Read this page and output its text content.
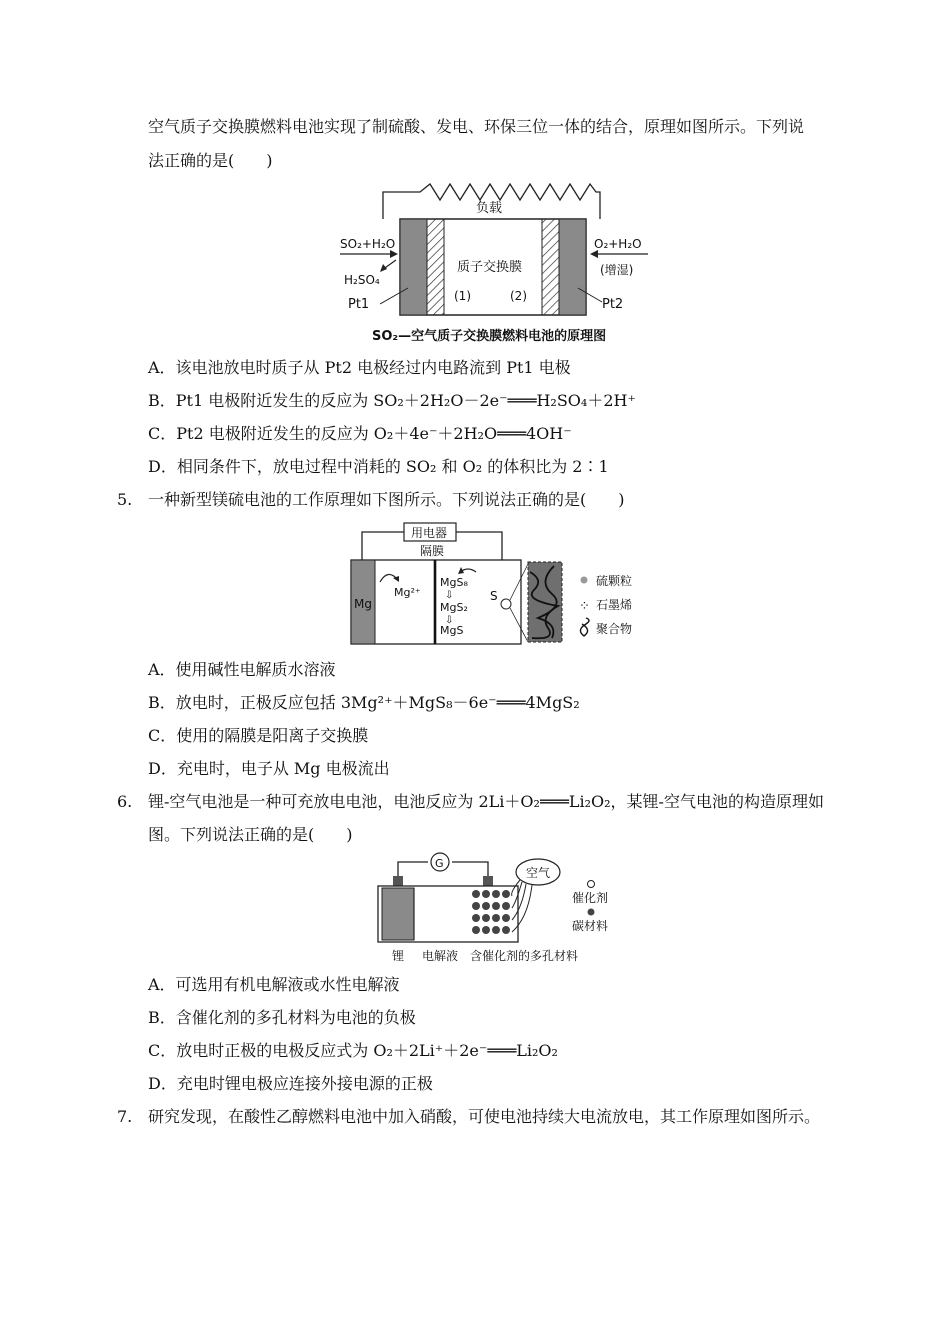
空气质子交换膜燃料电池实现了制硫酸、发电、环保三位一体的结合，原理如图所示。下列说
法正确的是(　　)
负载
质子交换膜
(1)	(2)
SO₂+H₂O
H₂SO₄
Pt1
O₂+H₂O
(增湿)
Pt2
SO₂—空气质子交换膜燃料电池的原理图
A．该电池放电时质子从 Pt2 电极经过内电路流到 Pt1 电极
B．Pt1 电极附近发生的反应为 SO₂＋2H₂O－2e⁻═══H₂SO₄＋2H⁺
C．Pt2 电极附近发生的反应为 O₂＋4e⁻＋2H₂O═══4OH⁻
D．相同条件下，放电过程中消耗的 SO₂ 和 O₂ 的体积比为 2∶1
5. 一种新型镁硫电池的工作原理如下图所示。下列说法正确的是(　　)
用电器
隔膜
Mg
Mg²⁺
MgS₈
⇩
MgS₂
⇩
MgS
S
硫颗粒
⁘ 石墨烯
聚合物
A．使用碱性电解质水溶液
B．放电时，正极反应包括 3Mg²⁺＋MgS₈－6e⁻═══4MgS₂
C．使用的隔膜是阳离子交换膜
D．充电时，电子从 Mg 电极流出
6. 锂-空气电池是一种可充放电电池，电池反应为 2Li＋O₂═══Li₂O₂，某锂-空气电池的构造原理如
图。下列说法正确的是(　　)
G
空气
催化剂
碳材料
锂 电解液 含催化剂的多孔材料
A．可选用有机电解液或水性电解液
B．含催化剂的多孔材料为电池的负极
C．放电时正极的电极反应式为 O₂＋2Li⁺＋2e⁻═══Li₂O₂
D．充电时锂电极应连接外接电源的正极
7. 研究发现，在酸性乙醇燃料电池中加入硝酸，可使电池持续大电流放电，其工作原理如图所示。
